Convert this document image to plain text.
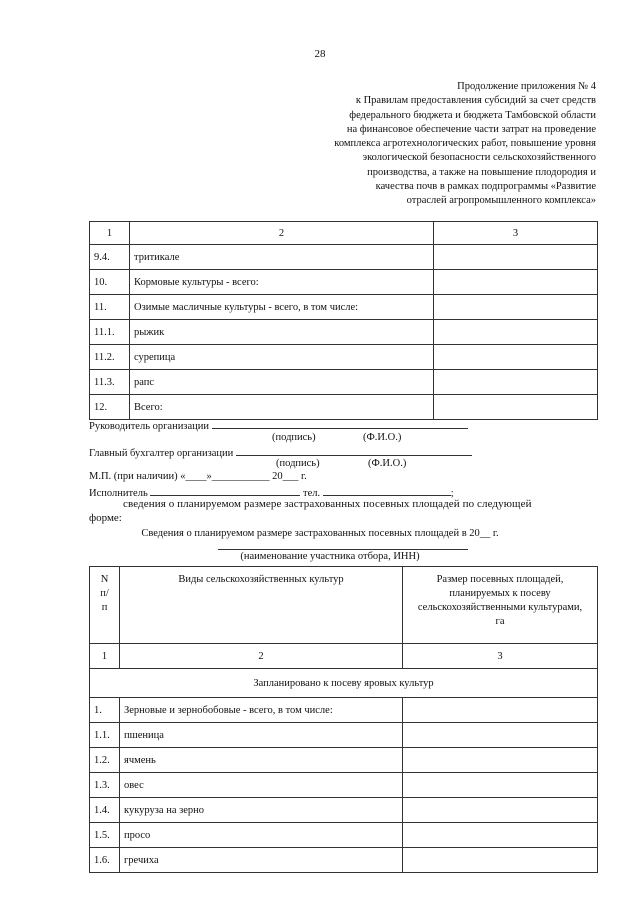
28
Продолжение приложения № 4
к Правилам предоставления субсидий за счет средств
федерального бюджета и бюджета Тамбовской области
на финансовое обеспечение части затрат на проведение
комплекса агротехнологических работ, повышение уровня
экологической безопасности сельскохозяйственного
производства, а также на повышение плодородия и
качества почв в рамках подпрограммы «Развитие
отраслей агропромышленного комплекса»
1	2	3
9.4.	тритикале	
10.	Кормовые культуры - всего:	
11.	Озимые масличные культуры - всего, в том числе:	
11.1.	рыжик	
11.2.	сурепица	
11.3.	рапс	
12.	Всего:	
Руководитель организации
(подпись)	(Ф.И.О.)
Главный бухгалтер организации
(подпись)	(Ф.И.О.)
М.П. (при наличии) «____»___________ 20___ г.
Исполнитель	тел.	;
сведения о планируемом размере застрахованных посевных площадей по следующей
форме:
Сведения о планируемом размере застрахованных посевных площадей в 20__ г.
(наименование участника отбора, ИНН)
N п/п	Виды сельскохозяйственных культур	Размер посевных площадей, планируемых к посеву сельскохозяйственными культурами, га
1	2	3
Запланировано к посеву яровых культур		
1.	Зерновые и зернобобовые - всего, в том числе:	
1.1.	пшеница	
1.2.	ячмень	
1.3.	овес	
1.4.	кукуруза на зерно	
1.5.	просо	
1.6.	гречиха	
